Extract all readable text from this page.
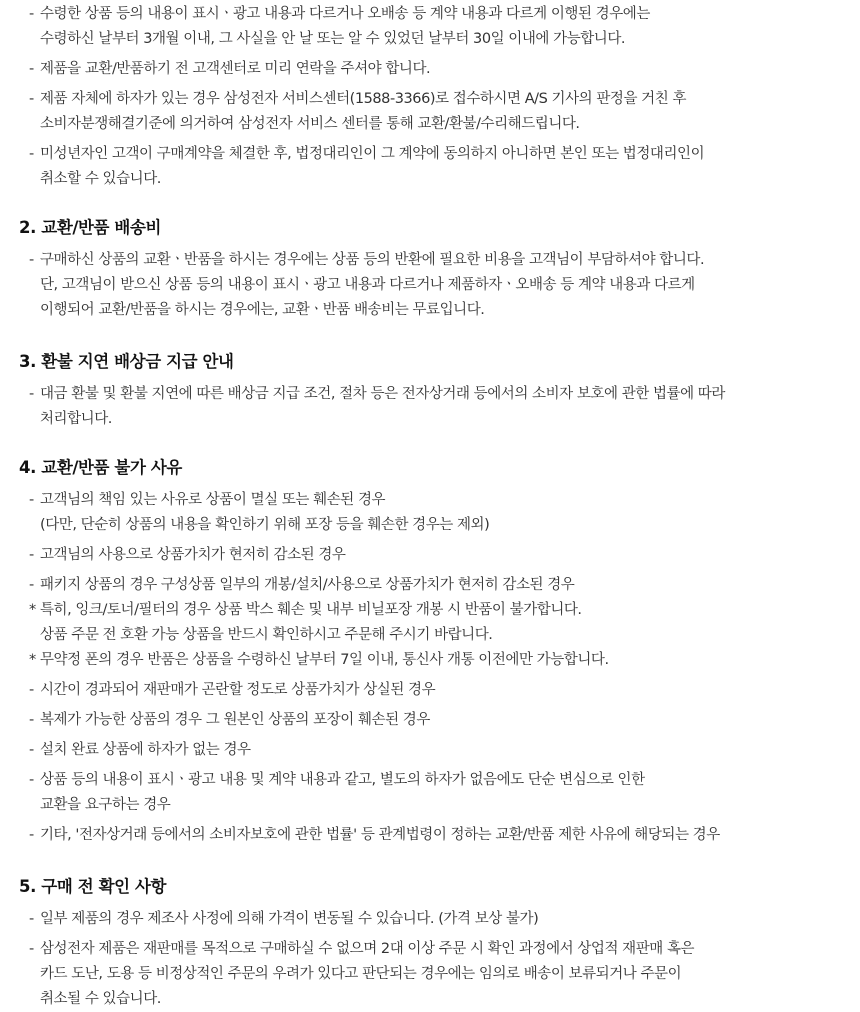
- 수령한 상품 등의 내용이 표시ㆍ광고 내용과 다르거나 오배송 등 계약 내용과 다르게 이행된 경우에는
수령하신 날부터 3개월 이내, 그 사실을 안 날 또는 알 수 있었던 날부터 30일 이내에 가능합니다.
- 제품을 교환/반품하기 전 고객센터로 미리 연락을 주셔야 합니다.
- 제품 자체에 하자가 있는 경우 삼성전자 서비스센터(1588-3366)로 접수하시면 A/S 기사의 판정을 거친 후
소비자분쟁해결기준에 의거하여 삼성전자 서비스 센터를 통해 교환/환불/수리해드립니다.
- 미성년자인 고객이 구매계약을 체결한 후, 법정대리인이 그 계약에 동의하지 아니하면 본인 또는 법정대리인이
취소할 수 있습니다.
2. 교환/반품 배송비
- 구매하신 상품의 교환ㆍ반품을 하시는 경우에는 상품 등의 반환에 필요한 비용을 고객님이 부담하셔야 합니다.
단, 고객님이 받으신 상품 등의 내용이 표시ㆍ광고 내용과 다르거나 제품하자ㆍ오배송 등 계약 내용과 다르게
이행되어 교환/반품을 하시는 경우에는, 교환ㆍ반품 배송비는 무료입니다.
3. 환불 지연 배상금 지급 안내
- 대금 환불 및 환불 지연에 따른 배상금 지급 조건, 절차 등은 전자상거래 등에서의 소비자 보호에 관한 법률에 따라
처리합니다.
4. 교환/반품 불가 사유
- 고객님의 책임 있는 사유로 상품이 멸실 또는 훼손된 경우
(다만, 단순히 상품의 내용을 확인하기 위해 포장 등을 훼손한 경우는 제외)
- 고객님의 사용으로 상품가치가 현저히 감소된 경우
- 패키지 상품의 경우 구성상품 일부의 개봉/설치/사용으로 상품가치가 현저히 감소된 경우
* 특히, 잉크/토너/필터의 경우 상품 박스 훼손 및 내부 비닐포장 개봉 시 반품이 불가합니다.
상품 주문 전 호환 가능 상품을 반드시 확인하시고 주문해 주시기 바랍니다.
* 무약정 폰의 경우 반품은 상품을 수령하신 날부터 7일 이내, 통신사 개통 이전에만 가능합니다.
- 시간이 경과되어 재판매가 곤란할 정도로 상품가치가 상실된 경우
- 복제가 가능한 상품의 경우 그 원본인 상품의 포장이 훼손된 경우
- 설치 완료 상품에 하자가 없는 경우
- 상품 등의 내용이 표시ㆍ광고 내용 및 계약 내용과 같고, 별도의 하자가 없음에도 단순 변심으로 인한
교환을 요구하는 경우
- 기타, '전자상거래 등에서의 소비자보호에 관한 법률' 등 관계법령이 정하는 교환/반품 제한 사유에 해당되는 경우
5. 구매 전 확인 사항
- 일부 제품의 경우 제조사 사정에 의해 가격이 변동될 수 있습니다. (가격 보상 불가)
- 삼성전자 제품은 재판매를 목적으로 구매하실 수 없으며 2대 이상 주문 시 확인 과정에서 상업적 재판매 혹은
카드 도난, 도용 등 비정상적인 주문의 우려가 있다고 판단되는 경우에는 임의로 배송이 보류되거나 주문이
취소될 수 있습니다.
